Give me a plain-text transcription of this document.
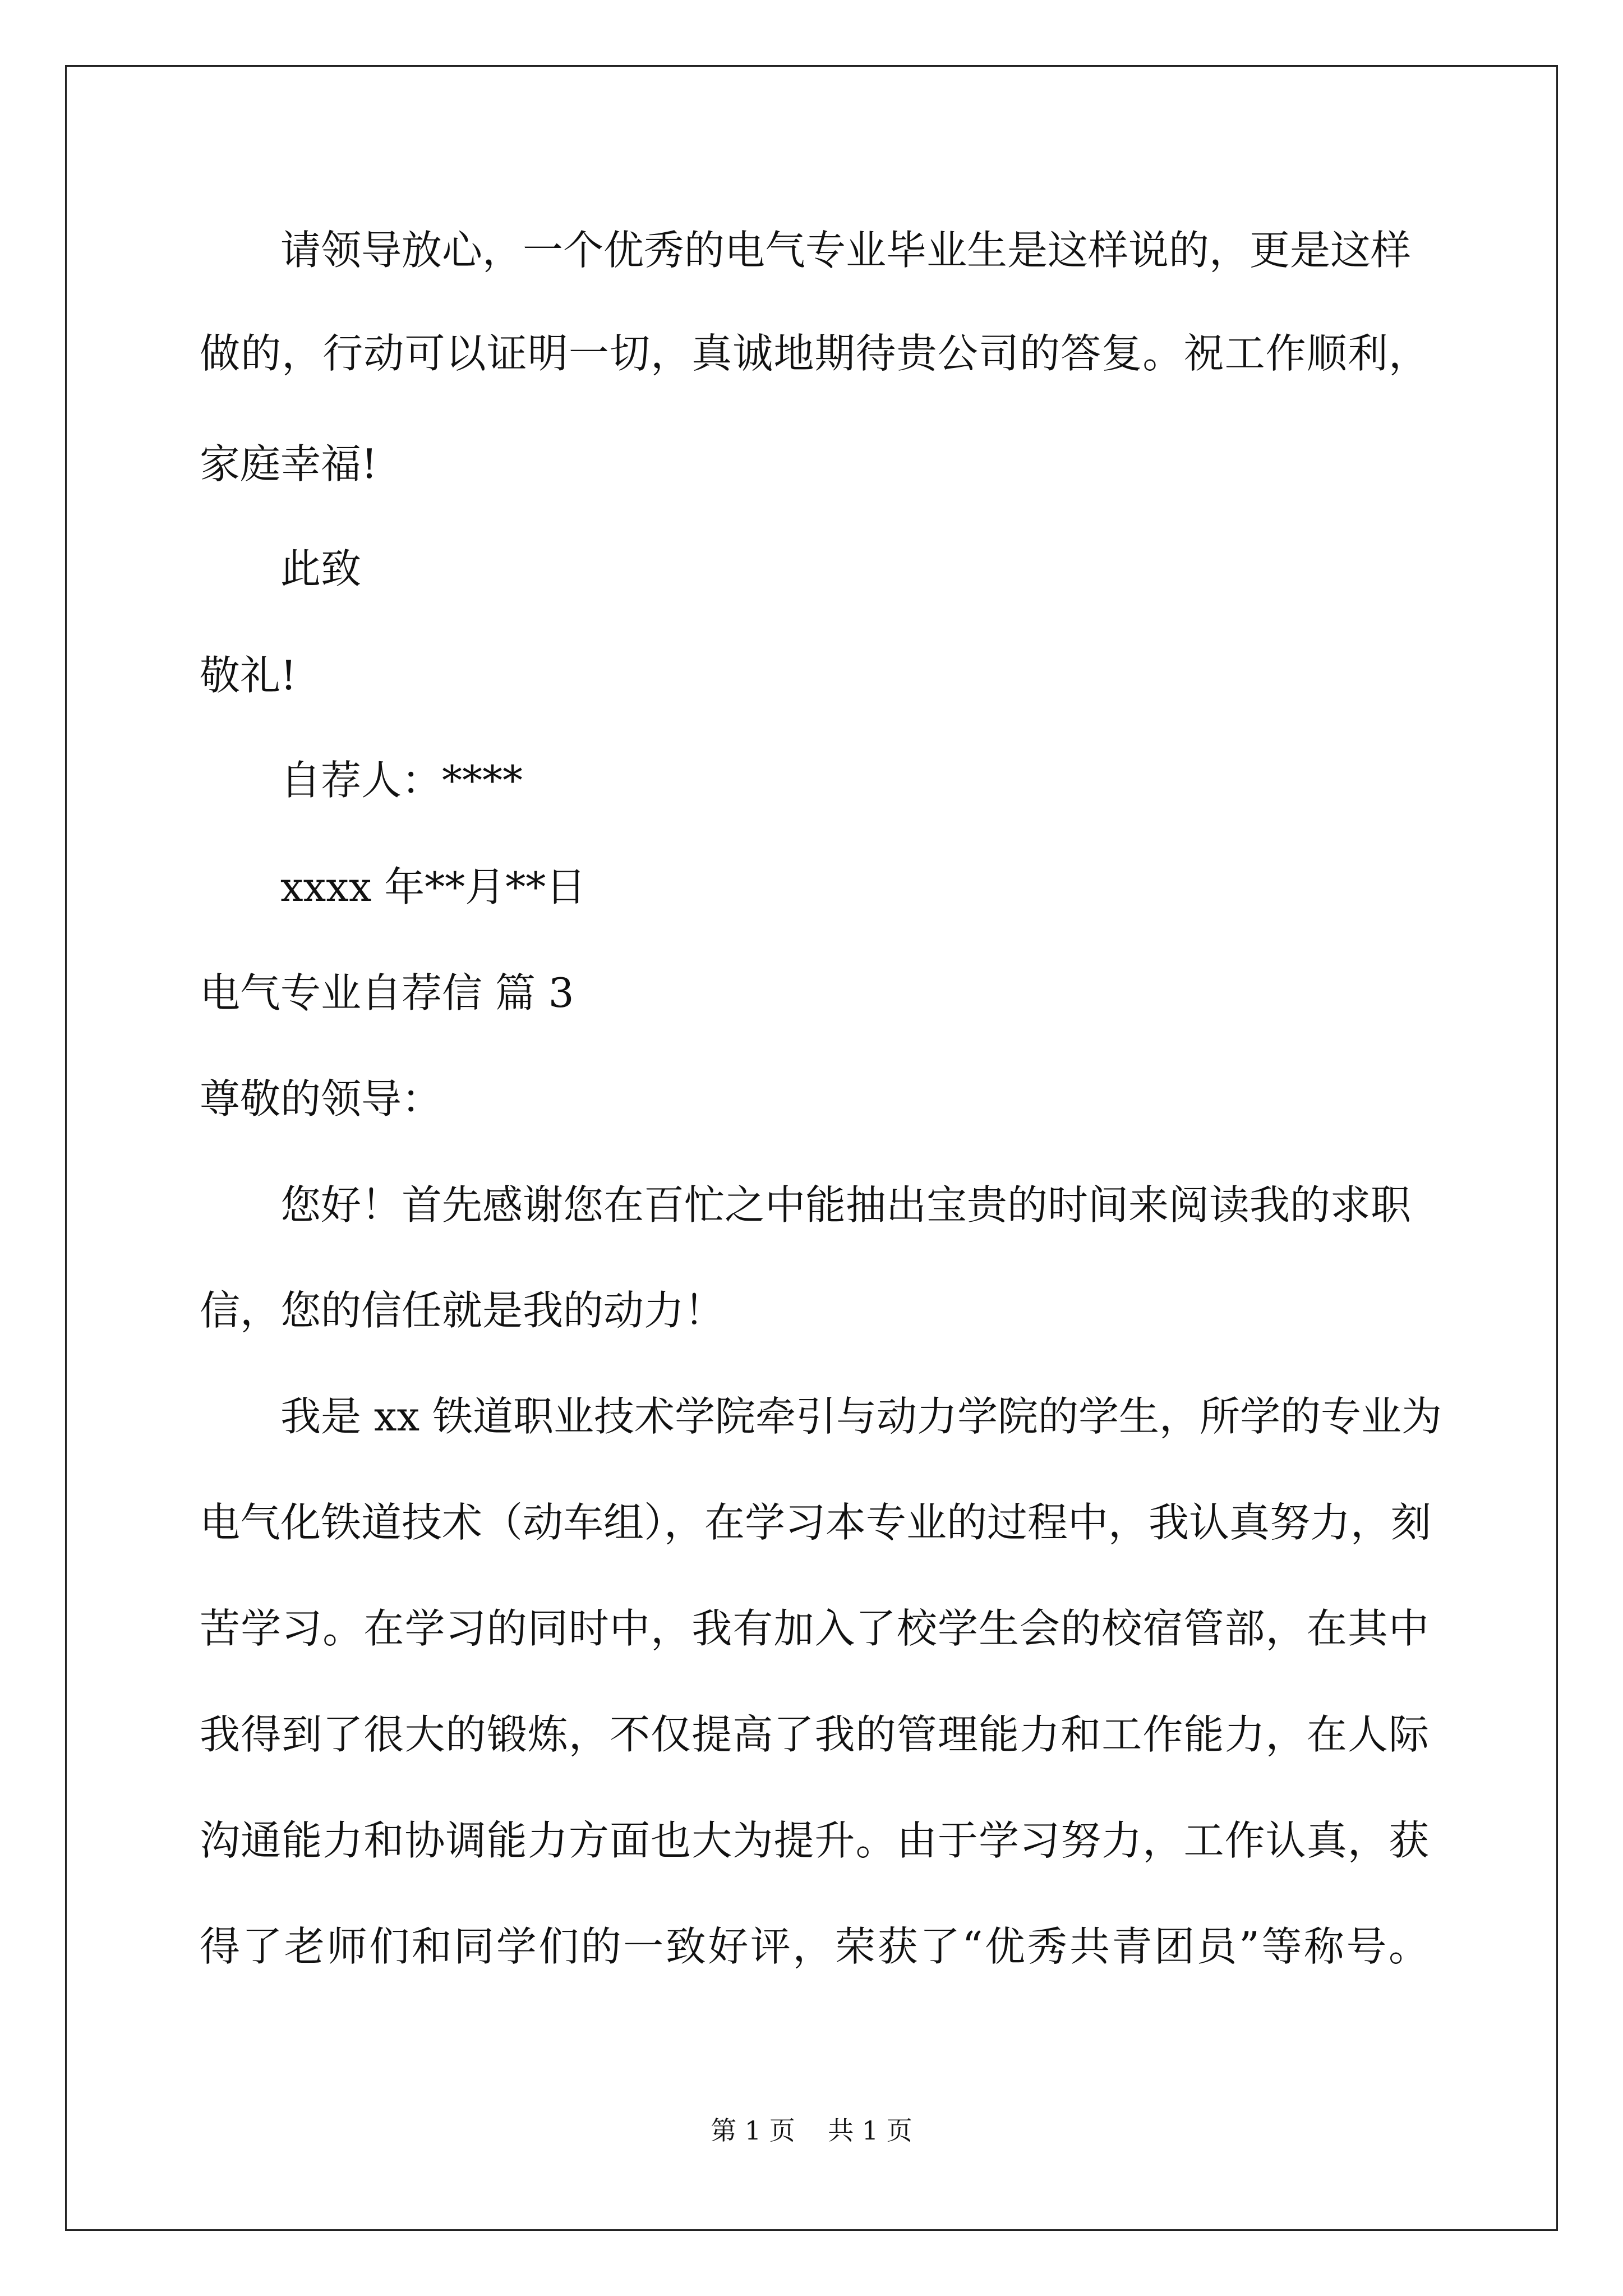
请领导放心，一个优秀的电气专业毕业生是这样说的，更是这样
做的，行动可以证明一切，真诚地期待贵公司的答复。祝工作顺利，
家庭幸福!
此致
敬礼!
自荐人：****
xxxx 年**月**日
电气专业自荐信 篇 3
尊敬的领导：
您好！首先感谢您在百忙之中能抽出宝贵的时间来阅读我的求职
信，您的信任就是我的动力！
我是 xx 铁道职业技术学院牵引与动力学院的学生，所学的专业为
电气化铁道技术（动车组），在学习本专业的过程中，我认真努力，刻
苦学习。在学习的同时中，我有加入了校学生会的校宿管部，在其中
我得到了很大的锻炼，不仅提高了我的管理能力和工作能力，在人际
沟通能力和协调能力方面也大为提升。由于学习努力，工作认真，获
得了老师们和同学们的一致好评，荣获了“优秀共青团员”等称号。
第 1 页    共 1 页
